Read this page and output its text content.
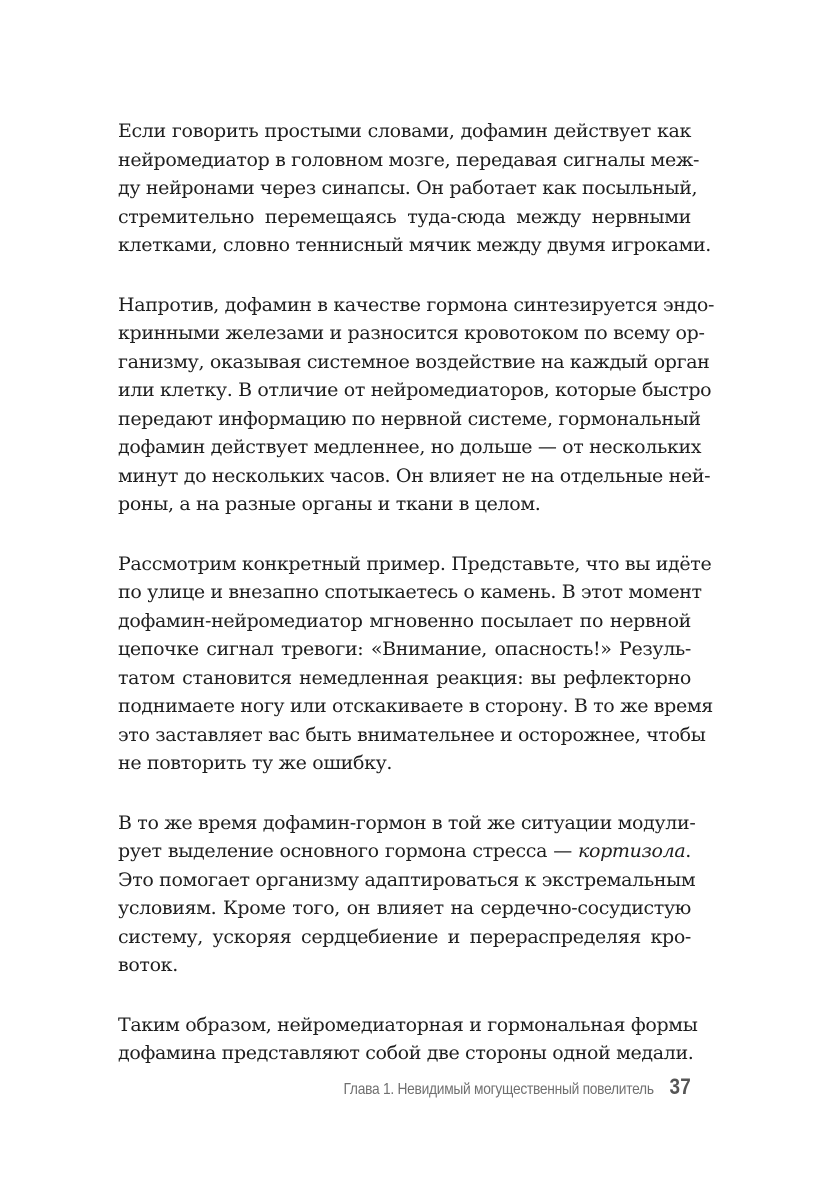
Если говорить простыми словами, дофамин действует как
нейромедиатор в головном мозге, передавая сигналы меж-
ду нейронами через синапсы. Он работает как посыльный,
стремительно перемещаясь туда-сюда между нервными
клетками, словно теннисный мячик между двумя игроками.

Напротив, дофамин в качестве гормона синтезируется эндо-
кринными железами и разносится кровотоком по всему ор-
ганизму, оказывая системное воздействие на каждый орган
или клетку. В отличие от нейромедиаторов, которые быстро
передают информацию по нервной системе, гормональный
дофамин действует медленнее, но дольше — от нескольких
минут до нескольких часов. Он влияет не на отдельные ней-
роны, а на разные органы и ткани в целом.

Рассмотрим конкретный пример. Представьте, что вы идёте
по улице и внезапно спотыкаетесь о камень. В этот момент
дофамин-нейромедиатор мгновенно посылает по нервной
цепочке сигнал тревоги: «Внимание, опасность!» Резуль-
татом становится немедленная реакция: вы рефлекторно
поднимаете ногу или отскакиваете в сторону. В то же время
это заставляет вас быть внимательнее и осторожнее, чтобы
не повторить ту же ошибку.

В то же время дофамин-гормон в той же ситуации модули-
рует выделение основного гормона стресса — кортизола.
Это помогает организму адаптироваться к экстремальным
условиям. Кроме того, он влияет на сердечно-сосудистую
систему, ускоряя сердцебиение и перераспределяя кро-
воток.

Таким образом, нейромедиаторная и гормональная формы
дофамина представляют собой две стороны одной медали.

Глава 1. Невидимый могущественный повелитель 37
